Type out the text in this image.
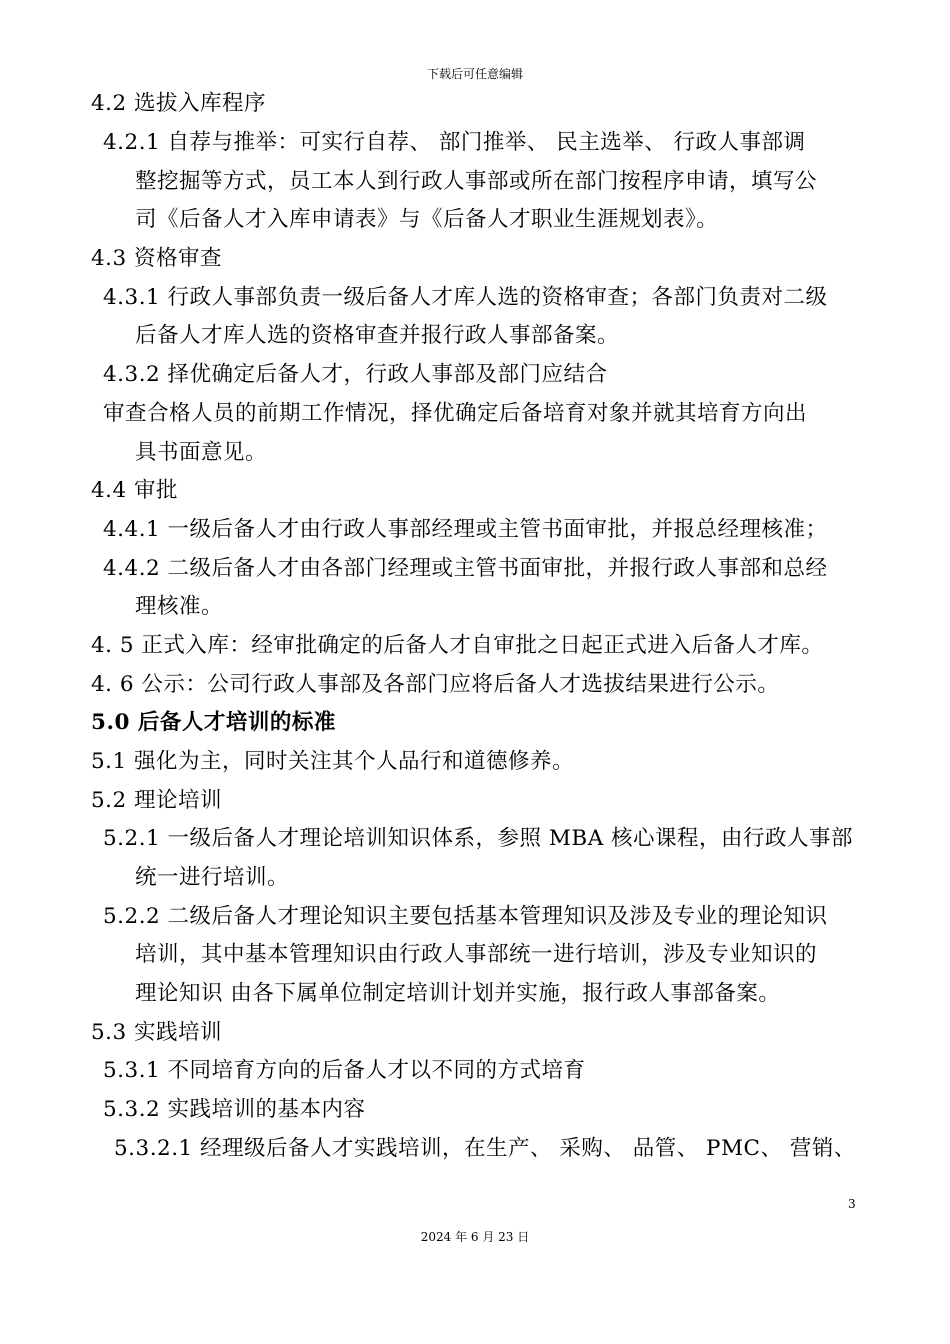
下载后可任意编辑
4.2 选拔入库程序
4.2.1 自荐与推举：可实行自荐、 部门推举、 民主选举、 行政人事部调
整挖掘等方式，员工本人到行政人事部或所在部门按程序申请，填写公
司《后备人才入库申请表》与《后备人才职业生涯规划表》。
4.3 资格审查
4.3.1 行政人事部负责一级后备人才库人选的资格审查；各部门负责对二级
后备人才库人选的资格审查并报行政人事部备案。
4.3.2 择优确定后备人才，行政人事部及部门应结合
审查合格人员的前期工作情况，择优确定后备培育对象并就其培育方向出
具书面意见。
4.4 审批
4.4.1 一级后备人才由行政人事部经理或主管书面审批，并报总经理核准；
4.4.2 二级后备人才由各部门经理或主管书面审批，并报行政人事部和总经
理核准。
4. 5 正式入库：经审批确定的后备人才自审批之日起正式进入后备人才库。
4. 6 公示：公司行政人事部及各部门应将后备人才选拔结果进行公示。
5.0 后备人才培训的标准
5.1 强化为主，同时关注其个人品行和道德修养。
5.2 理论培训
5.2.1 一级后备人才理论培训知识体系，参照 MBA 核心课程，由行政人事部
统一进行培训。
5.2.2 二级后备人才理论知识主要包括基本管理知识及涉及专业的理论知识
培训，其中基本管理知识由行政人事部统一进行培训，涉及专业知识的
理论知识 由各下属单位制定培训计划并实施，报行政人事部备案。
5.3 实践培训
5.3.1 不同培育方向的后备人才以不同的方式培育
5.3.2 实践培训的基本内容
5.3.2.1 经理级后备人才实践培训，在生产、 采购、 品管、 PMC、 营销、
3
2024 年 6 月 23 日
